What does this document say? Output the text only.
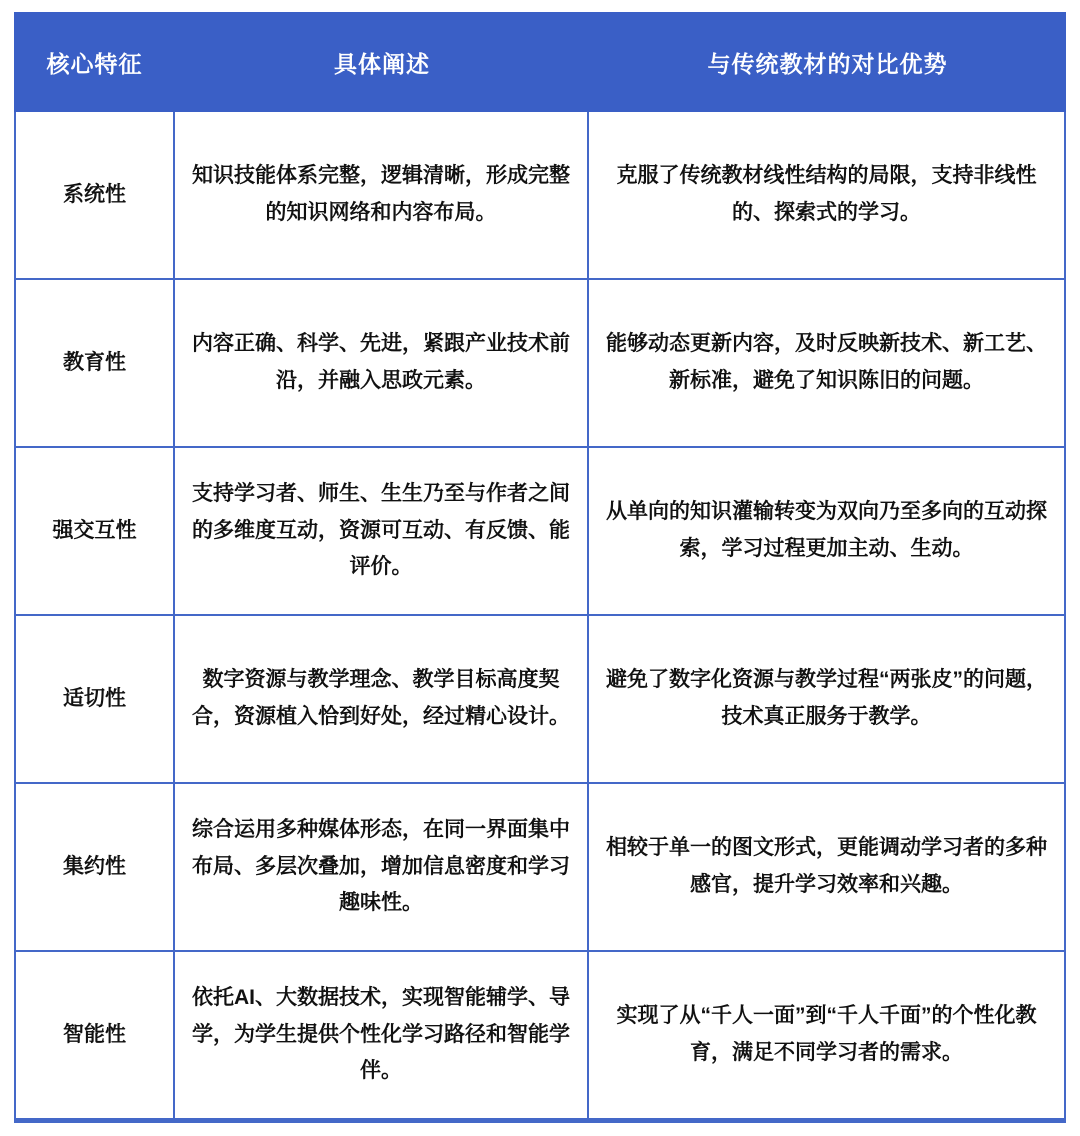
核心特征	具体阐述	与传统教材的对比优势
系统性
知识技能体系完整，逻辑清晰，形成完整的知识网络和内容布局。
克服了传统教材线性结构的局限，支持非线性的、探索式的学习。
教育性
内容正确、科学、先进，紧跟产业技术前沿，并融入思政元素。
能够动态更新内容，及时反映新技术、新工艺、新标准，避免了知识陈旧的问题。
强交互性
支持学习者、师生、生生乃至与作者之间的多维度互动，资源可互动、有反馈、能评价。
从单向的知识灌输转变为双向乃至多向的互动探索，学习过程更加主动、生动。
适切性
数字资源与教学理念、教学目标高度契合，资源植入恰到好处，经过精心设计。
避免了数字化资源与教学过程“两张皮”的问题，技术真正服务于教学。
集约性
综合运用多种媒体形态，在同一界面集中布局、多层次叠加，增加信息密度和学习趣味性。
相较于单一的图文形式，更能调动学习者的多种感官，提升学习效率和兴趣。
智能性
依托AI、大数据技术，实现智能辅学、导学，为学生提供个性化学习路径和智能学伴。
实现了从“千人一面”到“千人千面”的个性化教育，满足不同学习者的需求。
